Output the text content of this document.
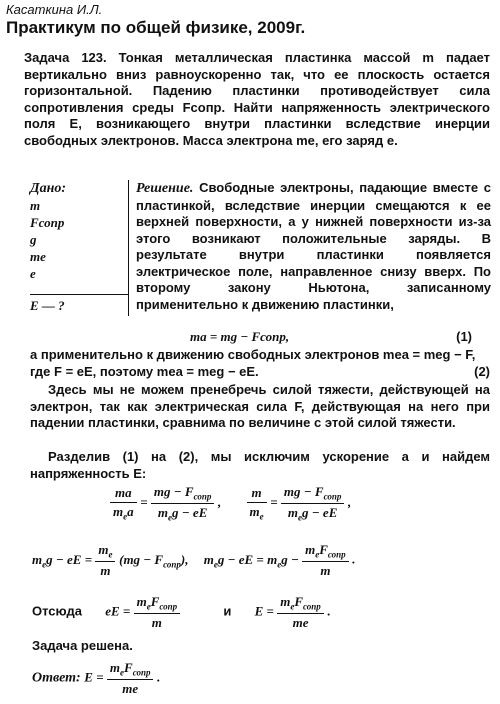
Касаткина И.Л.
Практикум по общей физике, 2009г.
Задача 123. Тонкая металлическая пластинка массой m падает вертикально вниз равноускоренно так, что ее плоскость остается горизонтальной. Падению пластинки противодействует сила сопротивления среды Fсопр. Найти напряженность электрического поля E, возникающего внутри пластинки вследствие инерции свободных электронов. Масса электрона mе, его заряд e.
Дано:
m
Fсопр
g
me
e
E — ?
Решение. Свободные электроны, падающие вместе с пластинкой, вследствие инерции смещаются к ее верхней поверхности, а у нижней поверхности из-за этого возникают положительные заряды. В результате внутри пластинки появляется электрическое поле, направленное снизу вверх. По второму закону Ньютона, записанному применительно к движению пластинки,
ma = mg − Fсопр,	(1)
а применительно к движению свободных электронов meа = meg − F, где F = eE, поэтому meа = meg − eE.	(2)
Здесь мы не можем пренебречь силой тяжести, действующей на электрон, так как электрическая сила F, действующая на него при падении пластинки, сравнима по величине с этой силой тяжести.
Разделив (1) на (2), мы исключим ускорение a и найдем напряженность E:
ma
$m_ea$
=
mg − $F_{сопр}$
$m_eg$ − eE
, $\frac{m}{m_e}$ =
mg − $F_{сопр}$
$m_eg$ − eE
,
$m_eg$ − eE = $\frac{m_e}{m} (mg - F_{сопр})$, $m_eg$ − eE = $m_eg$ −
$m_eF_{сопр}$
m
.
Отсюда eE =
$m_eF_{сопр}$
m
и E =
$m_eF_{сопр}$
me
.
Задача решена.
Ответ: E =
$m_eF_{сопр}$
me
.
